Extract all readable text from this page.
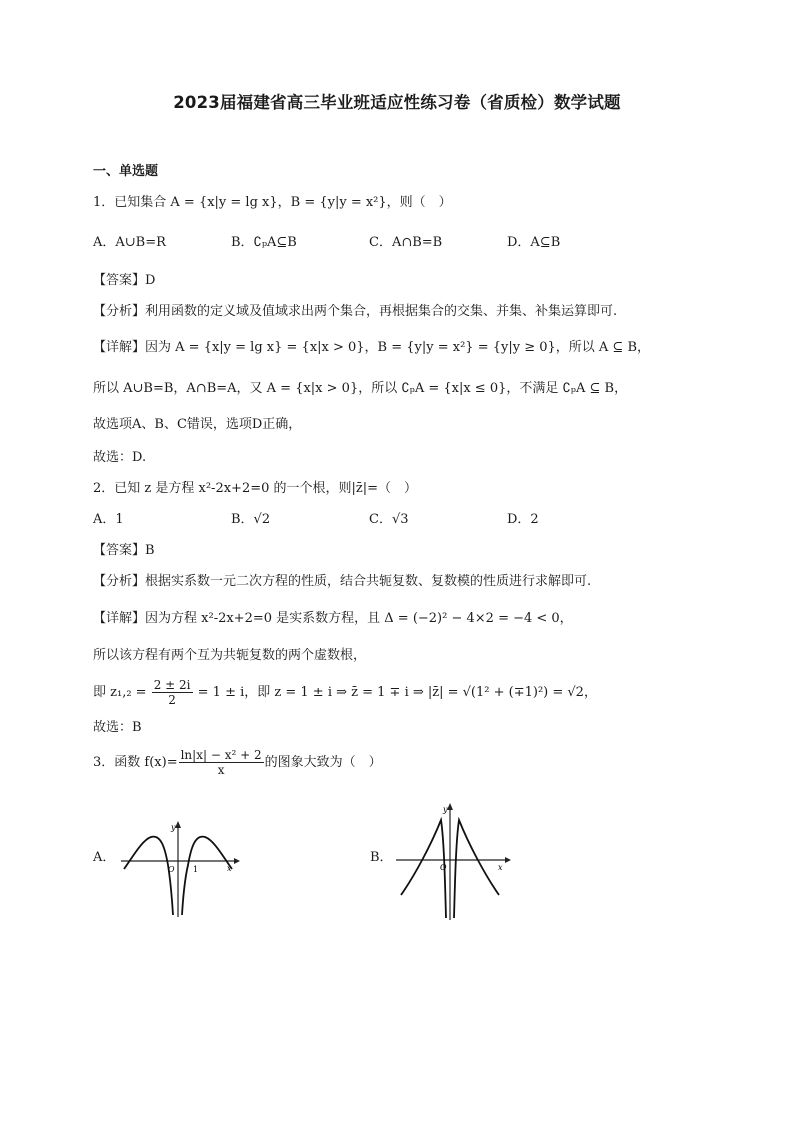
2023届福建省高三毕业班适应性练习卷（省质检）数学试题
一、单选题
1．已知集合 A = {x|y = lg x}，B = {y|y = x²}，则（　）
A．A∪B=R	B．∁ₚA⊆B	C．A∩B=B	D．A⊆B
【答案】D
【分析】利用函数的定义域及值域求出两个集合，再根据集合的交集、并集、补集运算即可.
【详解】因为 A = {x|y = lg x} = {x|x > 0}，B = {y|y = x²} = {y|y ≥ 0}，所以 A ⊆ B，
所以 A∪B=B，A∩B=A，又 A = {x|x > 0}，所以 ∁ₚA = {x|x ≤ 0}，不满足 ∁ₚA ⊆ B，
故选项A、B、C错误，选项D正确，
故选：D.
2．已知 z 是方程 x²-2x+2=0 的一个根，则|z̄|=（　）
A．1	B．√2	C．√3	D．2
【答案】B
【分析】根据实系数一元二次方程的性质，结合共轭复数、复数模的性质进行求解即可.
【详解】因为方程 x²-2x+2=0 是实系数方程，且 Δ = (−2)² − 4×2 = −4 < 0，
所以该方程有两个互为共轭复数的两个虚数根，
即 $z_1,_2 = \frac{2 \pm 2i}{2} = 1 \pm i$，即 z = 1 ± i ⇒ z̄ = 1 ∓ i ⇒ |z̄| = √(1² + (∓1)²) = √2，
故选：B
3．函数 $f(x)= \frac{\text{ln|x| − x² + 2}}{x}$ 的图象大致为（　）
A．	B．
O 1	x
y
O	x
y
